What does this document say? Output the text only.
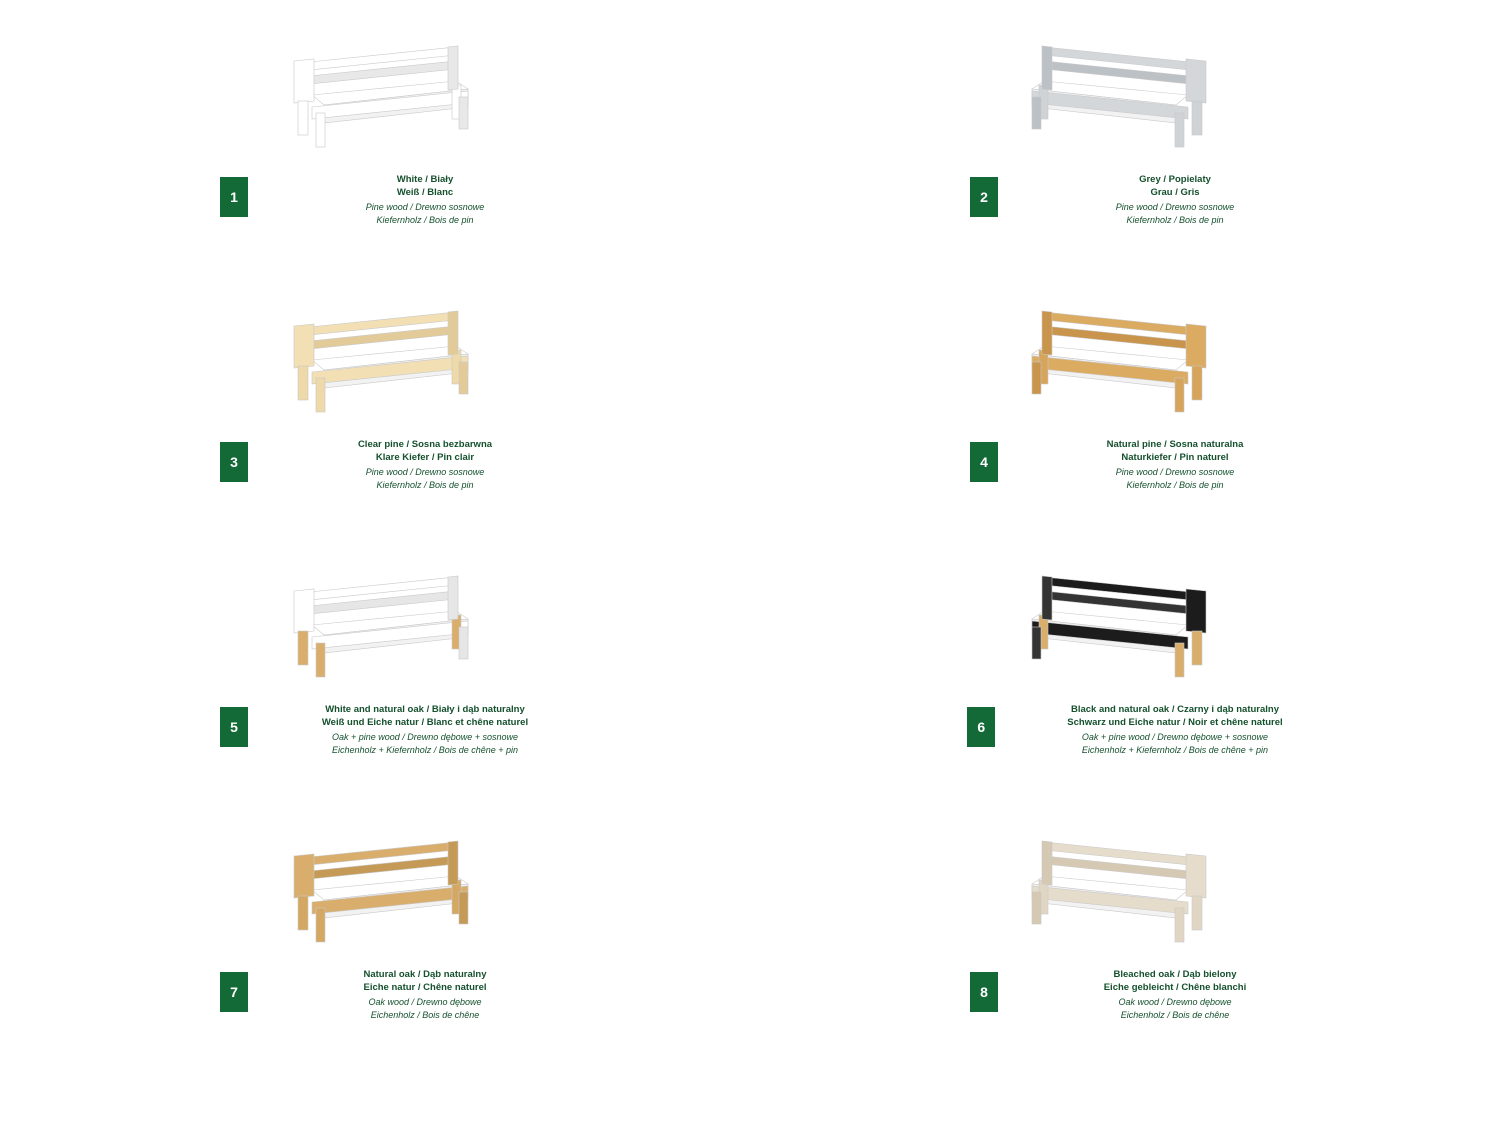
1
White / Biały
Weiß / Blanc
Pine wood / Drewno sosnowe
Kiefernholz / Bois de pin
2
Grey / Popielaty
Grau / Gris
Pine wood / Drewno sosnowe
Kiefernholz / Bois de pin
3
Clear pine / Sosna bezbarwna
Klare Kiefer / Pin clair
Pine wood / Drewno sosnowe
Kiefernholz / Bois de pin
4
Natural pine / Sosna naturalna
Naturkiefer / Pin naturel
Pine wood / Drewno sosnowe
Kiefernholz / Bois de pin
5
White and natural oak / Biały i dąb naturalny
Weiß und Eiche natur / Blanc et chêne naturel
Oak + pine wood / Drewno dębowe + sosnowe
Eichenholz + Kiefernholz / Bois de chêne + pin
6
Black and natural oak / Czarny i dąb naturalny
Schwarz und Eiche natur / Noir et chêne naturel
Oak + pine wood / Drewno dębowe + sosnowe
Eichenholz + Kiefernholz / Bois de chêne + pin
7
Natural oak / Dąb naturalny
Eiche natur / Chêne naturel
Oak wood / Drewno dębowe
Eichenholz / Bois de chêne
8
Bleached oak / Dąb bielony
Eiche gebleicht / Chêne blanchi
Oak wood / Drewno dębowe
Eichenholz / Bois de chêne
